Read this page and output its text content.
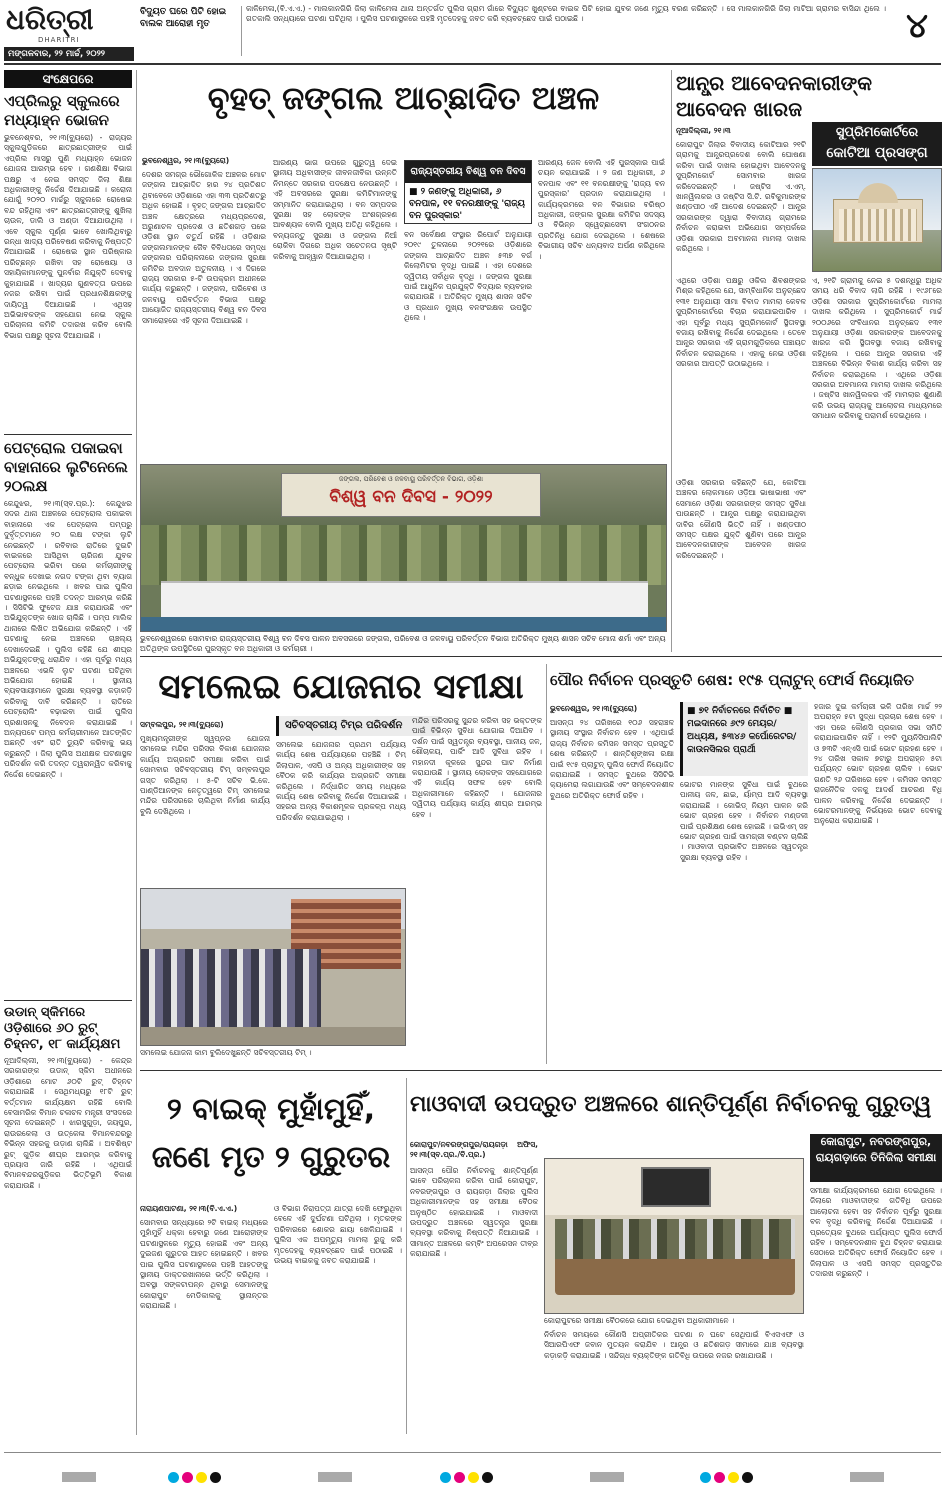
ଧରିତ୍ରୀ
DHARITRI
ମଙ୍ଗଳବାର, ୨୨ ମାର୍ଚ୍ଚ, ୨୦୨୨
ବିଦ୍ୟୁତ ଘରେ ପିଟି ହୋଇ ବାଲକ ଆରୋହୀ ମୃତ
କାଳିମେଳା,(ବି.ଏ.ଏ.) - ମାଲକାନଗିରି ଜିଲା କାଳିମେଳା ଥାନା ଅନ୍ତର୍ଗତ ପୁଲିସ ଗ୍ରାମ ଗାଁରେ ବିଦ୍ୟୁତ ଖୁଣ୍ଟରେ ବାଇକ ପିଟି ହୋଇ ଯୁବକ ଜଣେ ମୃତ୍ୟୁ ବରଣ କରିଛନ୍ତି । ସେ ମାଲକାନଗିରି ଜିଲା ମାଟିଆ ଗ୍ରାମର ବାସିନ୍ଦା ଥିଲେ । ଗତକାଲି ସନ୍ଧ୍ୟାରେ ଘଟଣା ଘଟିଥିଲା । ପୁଲିସ ଘଟଣାସ୍ଥଳରେ ପହଞ୍ଚି ମୃତଦେହକୁ ଜବତ କରି ବ୍ୟବଚ୍ଛେଦ ପାଇଁ ପଠାଇଛି ।	୪
ସଂକ୍ଷେପରେ
ଏପ୍ରିଲରୁ ସ୍କୁଲରେ ମଧ୍ୟାହ୍ନ ଭୋଜନ
ଭୁବନେଶ୍ବର, ୨୧।୩(ବ୍ୟୁରୋ) - ରାଜ୍ୟର ସ୍କୁଲଗୁଡ଼ିକରେ ଛାତ୍ରଛାତ୍ରୀଙ୍କ ପାଇଁ ଏପ୍ରିଲ ମାସରୁ ପୁଣି ମଧ୍ୟାହ୍ନ ଭୋଜନ ଯୋଜନା ଆରମ୍ଭ ହେବ । ଗଣଶିକ୍ଷା ବିଭାଗ ପକ୍ଷରୁ ଏ ନେଇ ସମସ୍ତ ଜିଲା ଶିକ୍ଷା ଅଧିକାରୀଙ୍କୁ ନିର୍ଦ୍ଦେଶ ଦିଆଯାଇଛି । କରୋନା ଯୋଗୁଁ ୨୦୨୦ ମାର୍ଚ୍ଚରୁ ସ୍କୁଲରେ ରୋଷେଇ ବନ୍ଦ ରହିଥିଲା ଏବଂ ଛାତ୍ରଛାତ୍ରୀଙ୍କୁ ଶୁଖିଲା ଚାଉଳ, ଡାଲି ଓ ଅଣ୍ଡା ଦିଆଯାଉଥିଲା । ଏବେ ସ୍କୁଲ ପୂର୍ଣ୍ଣ ଭାବେ ଖୋଲିଥିବାରୁ ରନ୍ଧା ଖାଦ୍ୟ ପରିବେଷଣ କରିବାକୁ ନିଷ୍ପତ୍ତି ନିଆଯାଇଛି । ରୋଷେଇ ସ୍ଥାନ ପରିଷ୍କାର ପରିଚ୍ଛନ୍ନ ରଖିବା ସହ ରୋଷେୟା ଓ ସହାୟିକାମାନଙ୍କୁ ପୁନର୍ବାର ନିଯୁକ୍ତି ଦେବାକୁ କୁହାଯାଇଛି । ଖାଦ୍ୟର ଗୁଣବତ୍ତା ଉପରେ ନଜର ରଖିବା ପାଇଁ ପ୍ରଧାନଶିକ୍ଷକଙ୍କୁ ଦାୟିତ୍ୱ ଦିଆଯାଇଛି । ଏଥିସହ ଅଭିଭାବକଙ୍କ ସହଯୋଗ ନେଇ ସ୍କୁଲ ପରିଚାଳନା କମିଟି ତଦାରଖ କରିବ ବୋଲି ବିଭାଗ ପକ୍ଷରୁ ସୂଚନା ଦିଆଯାଇଛି ।
ପେଟ୍ରୋଲ ପକାଇବା ବାହାନାରେ ଲୁଟିନେଲେ ୨୦ଲକ୍ଷ
କେନ୍ଦୁଝର, ୨୧।୩(ସ୍ବ.ପ୍ର.): କେନ୍ଦୁଝର ସଦର ଥାନା ଅଞ୍ଚଳରେ ପେଟ୍ରୋଲ ପକାଇବା ବାହାନାରେ ଏକ ପେଟ୍ରୋଲ ପମ୍ପରୁ ଦୁର୍ବୃତ୍ତମାନେ ୨୦ ଲକ୍ଷ ଟଙ୍କା ଲୁଟି ନେଇଛନ୍ତି । ରବିବାର ରାତିରେ ଦୁଇଟି ବାଇକରେ ଆସିଥିବା ଚାରିଜଣ ଯୁବକ ପେଟ୍ରୋଲ ଭରିବା ପରେ କର୍ମଚାରୀଙ୍କୁ ବନ୍ଧୁକ ଦେଖାଇ ନଗଦ ଟଙ୍କା ଥିବା ବ୍ୟାଗ ଛଡ଼ାଇ ନେଇଥିଲେ । ଖବର ପାଇ ପୁଲିସ ଘଟଣାସ୍ଥଳରେ ପହଞ୍ଚି ତଦନ୍ତ ଆରମ୍ଭ କରିଛି । ସିସିଟିଭି ଫୁଟେଜ ଯାଞ୍ଚ କରାଯାଉଛି ଏବଂ ଅଭିଯୁକ୍ତଙ୍କ ଖୋଜ ଚାଲିଛି । ପମ୍ପ ମାଲିକ ଥାନାରେ ଲିଖିତ ଅଭିଯୋଗ କରିଛନ୍ତି । ଏହି ଘଟଣାକୁ ନେଇ ଅଞ୍ଚଳରେ ଚାଞ୍ଚଲ୍ୟ ଦେଖାଦେଇଛି । ପୁଲିସ କହିଛି ଯେ ଶୀଘ୍ର ଅଭିଯୁକ୍ତଙ୍କୁ ଧରାଯିବ । ଏହା ପୂର୍ବରୁ ମଧ୍ୟ ଅଞ୍ଚଳରେ ଏଭଳି ଲୁଟ ଘଟଣା ଘଟିଥିବା ଅଭିଯୋଗ ହୋଇଛି । ସ୍ଥାନୀୟ ବ୍ୟବସାୟୀମାନେ ସୁରକ୍ଷା ବ୍ୟବସ୍ଥା କଡ଼ାକଡ଼ି କରିବାକୁ ଦାବି କରିଛନ୍ତି । ରାତିରେ ପେଟ୍ରୋଲିଂ ବଢ଼ାଇବା ପାଇଁ ପୁଲିସ ପ୍ରଶାସନକୁ ନିବେଦନ କରାଯାଇଛି । ଅନ୍ୟପଟେ ପମ୍ପ କର୍ମଚାରୀମାନେ ଆତଙ୍କିତ ଅଛନ୍ତି ଏବଂ ରାତି ଡ୍ୟୁଟି କରିବାକୁ ଭୟ କରୁଛନ୍ତି । ଜିଲା ପୁଲିସ ଅଧୀକ୍ଷକ ଘଟଣାସ୍ଥଳ ପରିଦର୍ଶନ କରି ତଦନ୍ତ ତ୍ୱରାନ୍ୱିତ କରିବାକୁ ନିର୍ଦ୍ଦେଶ ଦେଇଛନ୍ତି ।
ଉଡାନ୍ ସ୍କିମରେ ଓଡ଼ିଶାରେ ୬୦ ରୁଟ୍ ଚିହ୍ନଟ, ୧୮ କାର୍ଯ୍ୟକ୍ଷମ
ନୂଆଦିଲ୍ଲୀ, ୨୧।୩(ବ୍ୟୁରୋ) - କେନ୍ଦ୍ର ସରକାରଙ୍କ ଉଡାନ୍ ସ୍କିମ ଅଧୀନରେ ଓଡ଼ିଶାରେ ମୋଟ ୬୦ଟି ରୁଟ୍ ଚିହ୍ନଟ କରାଯାଇଛି । ସେଥିମଧ୍ୟରୁ ୧୮ଟି ରୁଟ୍ ବର୍ତ୍ତମାନ କାର୍ଯ୍ୟକ୍ଷମ ରହିଛି ବୋଲି ବେସାମରିକ ବିମାନ ଚଳାଚଳ ମନ୍ତ୍ରୀ ସଂସଦରେ ସୂଚନା ଦେଇଛନ୍ତି । ଝାରସୁଗୁଡ଼ା, ଜୟପୁର, ରାଉରକେଲା ଓ ଉତ୍କେଳା ବିମାନବନ୍ଦରରୁ ବିଭିନ୍ନ ସହରକୁ ଉଡ଼ାଣ ଚାଲିଛି । ଅବଶିଷ୍ଟ ରୁଟ୍ ଗୁଡ଼ିକ ଶୀଘ୍ର ଆରମ୍ଭ କରିବାକୁ ପ୍ରୟାସ ଜାରି ରହିଛି । ଏଥିପାଇଁ ବିମାନବନ୍ଦରଗୁଡ଼ିକର ଭିତ୍ତିଭୂମି ବିକାଶ କରାଯାଉଛି ।
ବୃହତ୍ ଜଙ୍ଗଲ ଆଚ୍ଛାଦିତ ଅଞ୍ଚଳ
ଭୁବନେଶ୍ୱର, ୨୧।୩(ବ୍ୟୁରୋ)
ଦେଶର ସମଗ୍ର ଭୌଗୋଳିକ ଅଞ୍ଚଳର ମୋଟ ଜଙ୍ଗଲ ଆଚ୍ଛାଦିତ ହାର ୨୪ ପ୍ରତିଶତ ଥିବାବେଳେ ଓଡ଼ିଶାରେ ଏହା ୩୩ ପ୍ରତିଶତରୁ ଅଧିକ ହୋଇଛି । ବୃହତ୍ ଜଙ୍ଗଲ ଆଚ୍ଛାଦିତ ଅଞ୍ଚଳ କ୍ଷେତ୍ରରେ ମଧ୍ୟପ୍ରଦେଶ, ଅରୁଣାଚଳ ପ୍ରଦେଶ ଓ ଛତିଶଗଡ଼ ପରେ ଓଡ଼ିଶା ସ୍ଥାନ ଚତୁର୍ଥ ରହିଛି । ଓଡ଼ିଶାର ଜଙ୍ଗଲମାନଙ୍କ ଜୈବ ବିବିଧତାରେ ସମୃଦ୍ଧ ଜଙ୍ଗଲର ପରିଚାଳନାରେ ଜଙ୍ଗଲ ସୁରକ୍ଷା କମିଟିର ଅବଦାନ ଅତୁଳନୀୟ । ଏ ଦିଗରେ ରାଜ୍ୟ ସରକାର ୫-ଟି ଉପକ୍ରମ ଅଧୀନରେ କାର୍ଯ୍ୟ କରୁଛନ୍ତି । ଜଙ୍ଗଲ, ପରିବେଶ ଓ ଜଳବାୟୁ ପରିବର୍ତ୍ତନ ବିଭାଗ ପକ୍ଷରୁ ଆୟୋଜିତ ରାଜ୍ୟସ୍ତରୀୟ ବିଶ୍ୱ ବନ ଦିବସ ସମାରୋହରେ ଏହି ସୂଚନା ଦିଆଯାଇଛି ।
ଆରଣ୍ୟ ଭାଗ ଉପରେ ଗୁରୁତ୍ୱ ଦେଇ ସ୍ଥାନୀୟ ଅଧିବାସୀଙ୍କ ଜୀବନଜୀବିକା ଉନ୍ନତି ନିମନ୍ତେ ସରକାର ପଦକ୍ଷେପ ନେଉଛନ୍ତି । ଏହି ଅବସରରେ ସୁରକ୍ଷା କମିଟିମାନଙ୍କୁ ସମ୍ମାନିତ କରାଯାଇଥିଲା । ବନ ସମ୍ପଦର ସୁରକ୍ଷା ସହ ଲୋକଙ୍କ ଅଂଶଗ୍ରହଣ ଆବଶ୍ୟକ ବୋଲି ମୁଖ୍ୟ ଅତିଥି କହିଥିଲେ । ବନ୍ୟଜନ୍ତୁ ସୁରକ୍ଷା ଓ ଜଙ୍ଗଲ ନିଆଁ ରୋକିବା ଦିଗରେ ଅଧିକ ସଚେତନତା ସୃଷ୍ଟି କରିବାକୁ ଆହ୍ୱାନ ଦିଆଯାଇଥିଲା ।
ରାଜ୍ୟସ୍ତରୀୟ ବିଶ୍ୱ ବନ ଦିବସ
■ ୨ ଜଣଙ୍କୁ ଅଧିକାରୀ, ୬ ବନପାଳ, ୧୧ ବନରକ୍ଷୀଙ୍କୁ 'ରାଜ୍ୟ ବନ ପୁରସ୍କାର'
ବନ ସର୍ବେକ୍ଷଣ ସଂସ୍ଥାର ରିପୋର୍ଟ ଅନୁଯାୟୀ ୨୦୧୯ ତୁଳନାରେ ୨୦୨୧ରେ ଓଡ଼ିଶାରେ ଜଙ୍ଗଲ ଆଚ୍ଛାଦିତ ଅଞ୍ଚଳ ୫୩୭ ବର୍ଗ କିଲୋମିଟର ବୃଦ୍ଧି ପାଇଛି । ଏହା ଦେଶରେ ଦ୍ୱିତୀୟ ସର୍ବାଧିକ ବୃଦ୍ଧି । ଜଙ୍ଗଲ ସୁରକ୍ଷା ପାଇଁ ଆଧୁନିକ ପ୍ରଯୁକ୍ତି ବିଦ୍ୟାର ବ୍ୟବହାର କରାଯାଉଛି । ଅତିରିକ୍ତ ମୁଖ୍ୟ ଶାସନ ସଚିବ ଓ ପ୍ରଧାନ ମୁଖ୍ୟ ବନସଂରକ୍ଷକ ଉପସ୍ଥିତ ଥିଲେ ।
ଆରଣ୍ୟ ଜେଳ ବୋଲି ଏହି ପୁରସ୍କାର ପାଇଁ ଚୟନ କରାଯାଇଛି । ୨ ଜଣ ଅଧିକାରୀ, ୬ ବନପାଳ ଏବଂ ୧୧ ବନରକ୍ଷୀଙ୍କୁ 'ରାଜ୍ୟ ବନ ପୁରସ୍କାର' ପ୍ରଦାନ କରାଯାଇଥିଲା । କାର୍ଯ୍ୟକ୍ରମରେ ବନ ବିଭାଗର ବରିଷ୍ଠ ଅଧିକାରୀ, ଜଙ୍ଗଲ ସୁରକ୍ଷା କମିଟିର ସଦସ୍ୟ ଓ ବିଭିନ୍ନ ସ୍ୱେଚ୍ଛାସେବୀ ସଂଗଠନର ପ୍ରତିନିଧି ଯୋଗ ଦେଇଥିଲେ । ଶେଷରେ ବିଭାଗୀୟ ସଚିବ ଧନ୍ୟବାଦ ଅର୍ପଣ କରିଥିଲେ ।
ଜଙ୍ଗଲ, ପରିବେଶ ଓ ଜଳବାୟୁ ପରିବର୍ତ୍ତନ ବିଭାଗ, ଓଡ଼ିଶା
ବିଶ୍ୱ ବନ ଦିବସ - ୨୦୨୨
ଭୁବନେଶ୍ୱରରେ ସୋମବାର ରାଜ୍ୟସ୍ତରୀୟ ବିଶ୍ୱ ବନ ଦିବସ ପାଳନ ଅବସରରେ ଜଙ୍ଗଲ, ପରିବେଶ ଓ ଜଳବାୟୁ ପରିବର୍ତ୍ତନ ବିଭାଗ ଅତିରିକ୍ତ ମୁଖ୍ୟ ଶାସନ ସଚିବ ମୋନା ଶର୍ମା ଏବଂ ଅନ୍ୟ ଅତିଥିଙ୍କ ଉପସ୍ଥିତିରେ ପୁରସ୍କୃତ ବନ ଅଧିକାରୀ ଓ କର୍ମଚାରୀ ।
ଆନ୍ଧ୍ର ଆବେଦନକାରୀଙ୍କ ଆବେଦନ ଖାରଜ
ନୂଆଦିଲ୍ଲୀ, ୨୧।୩
କୋରାପୁଟ ଜିଲାର ବିବାଦୀୟ କୋଟିଆର ୨୧ଟି ଗ୍ରାମକୁ ଆନ୍ଧ୍ରପ୍ରଦେଶ ବୋଲି ଘୋଷଣା କରିବା ପାଇଁ ଦାଖଲ ହୋଇଥିବା ଆବେଦନକୁ ସୁପ୍ରିମକୋର୍ଟ ସୋମବାର ଖାରଜ କରିଦେଇଛନ୍ତି । ଜଷ୍ଟିସ ଏ.ଏମ୍. ଖାନୱିଲକର ଓ ଜଷ୍ଟିସ ସି.ଟି. ରବିକୁମାରଙ୍କ ଖଣ୍ଡପୀଠ ଏହି ଆଦେଶ ଦେଇଛନ୍ତି । ଆନ୍ଧ୍ର ସରକାରଙ୍କ ଦ୍ୱାରା ବିବାଦୀୟ ଗ୍ରାମରେ ନିର୍ବାଚନ କରାଇବା ଅଭିଯୋଗ ସମ୍ପର୍କରେ ଓଡ଼ିଶା ସରକାର ଅବମାନନା ମାମଲା ଦାଖଲ କରିଥିଲେ ।
ସୁପ୍ରିମକୋର୍ଟରେ
କୋଟିଆ ପ୍ରସଙ୍ଗ
ଏଥିରେ ଓଡ଼ିଶା ପକ୍ଷରୁ ଓକିଲ ଶିବଶଙ୍କର ମିଶ୍ର କହିଥିଲେ ଯେ, ସାମ୍ବିଧାନିକ ଅନୁଚ୍ଛେଦ ୧୩୧ ଅନୁଯାୟୀ ସୀମା ବିବାଦ ମାମଲା କେବଳ ସୁପ୍ରିମକୋର୍ଟରେ ବିଚାର କରାଯାଇପାରିବ । ଏହା ପୂର୍ବରୁ ମଧ୍ୟ ସୁପ୍ରିମକୋର୍ଟ ସ୍ଥିତାବସ୍ଥା ବଜାୟ ରଖିବାକୁ ନିର୍ଦ୍ଦେଶ ଦେଇଥିଲେ । ତେବେ ଆନ୍ଧ୍ର ସରକାର ଏହି ଗ୍ରାମଗୁଡ଼ିକରେ ପଞ୍ଚାୟତ ନିର୍ବାଚନ କରାଇଥିଲେ । ଏହାକୁ ନେଇ ଓଡ଼ିଶା ସରକାର ଆପତ୍ତି ଉଠାଇଥିଲେ ।
ଓଡ଼ିଶା ସରକାର କହିଛନ୍ତି ଯେ, କୋଟିଆ ଅଞ୍ଚଳର ଲୋକମାନେ ଓଡ଼ିଆ ଭାଷାଭାଷୀ ଏବଂ ସେମାନେ ଓଡ଼ିଶା ସରକାରଙ୍କ ସମସ୍ତ ସୁବିଧା ପାଉଛନ୍ତି । ଆନ୍ଧ୍ର ପକ୍ଷରୁ କରାଯାଇଥିବା ଦାବିର କୌଣସି ଭିତ୍ତି ନାହିଁ । ଖଣ୍ଡପୀଠ ସମସ୍ତ ପକ୍ଷର ଯୁକ୍ତି ଶୁଣିବା ପରେ ଆନ୍ଧ୍ର ଆବେଦନକାରୀଙ୍କ ଆବେଦନ ଖାରଜ କରିଦେଇଛନ୍ତି ।
ଏ, ୨୧ଟି ଗ୍ରାମକୁ ନେଇ ୫ ଦଶନ୍ଧିରୁ ଅଧିକ ସମୟ ଧରି ବିବାଦ ଲାଗି ରହିଛି । ୧୯୬୮ରେ ଓଡ଼ିଶା ସରକାର ସୁପ୍ରିମକୋର୍ଟରେ ମାମଲା ଦାଖଲ କରିଥିଲେ । ସୁପ୍ରିମକୋର୍ଟ ମାର୍ଚ୍ଚ ୨୦୦୬ରେ ସଂବିଧାନର ଅନୁଚ୍ଛେଦ ୧୩୧ ଅନୁଯାୟୀ ଓଡ଼ିଶା ସରକାରଙ୍କ ଆବେଦନକୁ ଖାରଜ କରି ସ୍ଥିତାବସ୍ଥା ବଜାୟ ରଖିବାକୁ କହିଥିଲେ । ପରେ ଆନ୍ଧ୍ର ସରକାର ଏହି ଅଞ୍ଚଳରେ ବିଭିନ୍ନ ବିକାଶ କାର୍ଯ୍ୟ କରିବା ସହ ନିର୍ବାଚନ କରାଇଥିଲେ । ଏଥିରେ ଓଡ଼ିଶା ସରକାର ଅବମାନନା ମାମଲା ଦାଖଲ କରିଥିଲେ । ଜଷ୍ଟିସ ଖାନୱିଲକର ଏହି ମାମଲାର ଶୁଣାଣି କରି ଉଭୟ ରାଜ୍ୟକୁ ଆଲୋଚନା ମାଧ୍ୟମରେ ସମାଧାନ କରିବାକୁ ପରାମର୍ଶ ଦେଇଥିଲେ ।
ସମଲେଇ ଯୋଜନାର ସମୀକ୍ଷା
ସମ୍ବଲପୁର, ୨୧।୩(ବ୍ୟୁରୋ)	ସଚିବସ୍ତରୀୟ ଟିମ୍‌ର ପରିଦର୍ଶନ
ମୁଖ୍ୟମନ୍ତ୍ରୀଙ୍କ ସ୍ୱପ୍ନର ଯୋଜନା ସମଲେଇ ମନ୍ଦିର ପରିସର ବିକାଶ ଯୋଜନାର କାର୍ଯ୍ୟ ଅଗ୍ରଗତି ସମୀକ୍ଷା କରିବା ପାଇଁ ସୋମବାର ସଚିବସ୍ତରୀୟ ଟିମ୍ ସମ୍ବଲପୁର ଗସ୍ତ କରିଥିଲା । ୫-ଟି ସଚିବ ଭି.କେ. ପାଣ୍ଡିଆନଙ୍କ ନେତୃତ୍ୱରେ ଟିମ୍ ସମଲେଇ ମନ୍ଦିର ପରିସରରେ ଚାଲିଥିବା ନିର୍ମାଣ କାର୍ଯ୍ୟ ବୁଲି ଦେଖିଥିଲେ ।
ସମଲେଇ ଯୋଜନାର ପ୍ରଥମ ପର୍ଯ୍ୟାୟ କାର୍ଯ୍ୟ ଶେଷ ପର୍ଯ୍ୟାୟରେ ପହଞ୍ଚିଛି । ଟିମ୍ ଜିଲାପାଳ, ଏସପି ଓ ଅନ୍ୟ ଅଧିକାରୀଙ୍କ ସହ ବୈଠକ କରି କାର୍ଯ୍ୟର ଅଗ୍ରଗତି ସମୀକ୍ଷା କରିଥିଲେ । ନିର୍ଦ୍ଧାରିତ ସମୟ ମଧ୍ୟରେ କାର୍ଯ୍ୟ ଶେଷ କରିବାକୁ ନିର୍ଦ୍ଦେଶ ଦିଆଯାଇଛି । ସହରର ଅନ୍ୟ ବିକାଶମୂଳକ ପ୍ରକଳ୍ପ ମଧ୍ୟ ପରିଦର୍ଶନ କରାଯାଇଥିଲା ।
ମନ୍ଦିର ପରିସରକୁ ସୁନ୍ଦର କରିବା ସହ ଭକ୍ତଙ୍କ ପାଇଁ ବିଭିନ୍ନ ସୁବିଧା ଯୋଗାଇ ଦିଆଯିବ । ଦର୍ଶନ ପାଇଁ ସ୍ୱତନ୍ତ୍ର ବ୍ୟବସ୍ଥା, ପାନୀୟ ଜଳ, ଶୌଚାଳୟ, ପାର୍କିଂ ଆଦି ସୁବିଧା ରହିବ । ମହାନଦୀ କୂଳରେ ସୁନ୍ଦର ଘାଟ ନିର୍ମାଣ କରାଯାଉଛି । ସ୍ଥାନୀୟ ଲୋକଙ୍କ ସହଯୋଗରେ ଏହି କାର୍ଯ୍ୟ ସଫଳ ହେବ ବୋଲି ଅଧିକାରୀମାନେ କହିଛନ୍ତି । ଯୋଜନାର ଦ୍ୱିତୀୟ ପର୍ଯ୍ୟାୟ କାର୍ଯ୍ୟ ଶୀଘ୍ର ଆରମ୍ଭ ହେବ ।
ସମଲେଇ ଯୋଜନା କାମ ବୁଲିଦେଖୁଛନ୍ତି ସଚିବସ୍ତରୀୟ ଟିମ୍ ।
ପୌର ନିର୍ବାଚନ ପ୍ରସ୍ତୁତି ଶେଷ: ୧୯୫ ପ୍ଲାଟୁନ୍ ଫୋର୍ସ ନିୟୋଜିତ
ଭୁବନେଶ୍ୱର, ୨୧।୩(ବ୍ୟୁରୋ)
ଆସନ୍ତା ୨୪ ତାରିଖରେ ୧୦୬ ସହରାଞ୍ଚଳ ସ୍ଥାନୀୟ ସଂସ୍ଥାର ନିର୍ବାଚନ ହେବ । ଏଥିପାଇଁ ରାଜ୍ୟ ନିର୍ବାଚନ କମିସନ ସମସ୍ତ ପ୍ରସ୍ତୁତି ଶେଷ କରିଛନ୍ତି । ଶାନ୍ତିଶୃଙ୍ଖଳା ରକ୍ଷା ପାଇଁ ୧୯୫ ପ୍ଲାଟୁନ୍ ପୁଲିସ ଫୋର୍ସ ନିୟୋଜିତ କରାଯାଇଛି । ସମସ୍ତ ବୁଥରେ ସିସିଟିଭି କ୍ୟାମେରା ଲଗାଯାଉଛି ଏବଂ ସମ୍ବେଦନଶୀଳ ବୁଥରେ ଅତିରିକ୍ତ ଫୋର୍ସ ରହିବ ।
■ ୭୧ ନିର୍ବାଚନରେ ନିର୍ବାଚିତ ■ ମଇଦାନରେ ୬୯୨ ମେୟର/ଅଧ୍ୟକ୍ଷ, ୫୩୪୬ କର୍ପୋରେଟର/କାଉନସିଲର ପ୍ରାର୍ଥୀ
ଭୋଟର ମାନଙ୍କ ସୁବିଧା ପାଇଁ ବୁଥରେ ପାନୀୟ ଜଳ, ଛାଇ, ର୍ୟାମ୍ପ ଆଦି ବ୍ୟବସ୍ଥା କରାଯାଇଛି । କୋଭିଡ୍ ନିୟମ ପାଳନ କରି ଭୋଟ ଗ୍ରହଣ ହେବ । ନିର୍ବାଚନ ମଣ୍ଡଳୀ ପାଇଁ ପ୍ରଶିକ୍ଷଣ ଶେଷ ହୋଇଛି । ଇଭିଏମ୍ ସହ ଭୋଟ ଗ୍ରହଣ ପାଇଁ ସାମଗ୍ରୀ ବଣ୍ଟନ ଚାଲିଛି । ମାଓବାଦୀ ପ୍ରଭାବିତ ଅଞ୍ଚଳରେ ସ୍ୱତନ୍ତ୍ର ସୁରକ୍ଷା ବ୍ୟବସ୍ଥା ରହିବ ।
ହଜାର ଦୁଇ କର୍ମଚାରୀ ଭଳି ତାରିଖ ମାର୍ଚ୍ଚ ୨୨ ଅପରାହ୍ନ ୫ଟା ସୁଦ୍ଧା ପ୍ରଚାର ଶେଷ ହେବ । ଏହା ପରେ କୌଣସି ପ୍ରକାର ସଭା ସମିତି କରାଯାଇପାରିବ ନାହିଁ । ୧୨ଟି ମ୍ୟୁନିସିପାଲିଟି ଓ ୭୩ଟି ଏନ୍‌ଏସି ପାଇଁ ଭୋଟ ଗ୍ରହଣ ହେବ । ୨୪ ତାରିଖ ସକାଳ ୭ଟାରୁ ଅପରାହ୍ନ ୫ଟା ପର୍ଯ୍ୟନ୍ତ ଭୋଟ ଗ୍ରହଣ ଚାଲିବ । ଭୋଟ ଗଣତି ୨୬ ତାରିଖରେ ହେବ । କମିସନ ସମସ୍ତ ରାଜନୈତିକ ଦଳକୁ ଆଦର୍ଶ ଆଚରଣ ବିଧି ପାଳନ କରିବାକୁ ନିର୍ଦ୍ଦେଶ ଦେଇଛନ୍ତି । ଭୋଟରମାନଙ୍କୁ ନିର୍ଭୟରେ ଭୋଟ ଦେବାକୁ ଅନୁରୋଧ କରାଯାଇଛି ।
୨ ବାଇକ୍ ମୁହାଁମୁହିଁ, ଜଣେ ମୃତ ୨ ଗୁରୁତର
ନାରାୟଣପାଟଣା, ୨୧।୩(ବି.ଏ.ଏ.)
ସୋମବାର ସନ୍ଧ୍ୟାରେ ୨ଟି ବାଇକ୍ ମଧ୍ୟରେ ମୁହାଁମୁହିଁ ଧକ୍କା ହେବାରୁ ଜଣେ ଆରୋହୀଙ୍କ ଘଟଣାସ୍ଥଳରେ ମୃତ୍ୟୁ ହୋଇଛି ଏବଂ ଅନ୍ୟ ଦୁଇଜଣ ଗୁରୁତର ଆହତ ହୋଇଛନ୍ତି । ଖବର ପାଇ ପୁଲିସ ଘଟଣାସ୍ଥଳରେ ପହଞ୍ଚି ଆହତଙ୍କୁ ସ୍ଥାନୀୟ ଡାକ୍ତରଖାନାରେ ଭର୍ତ୍ତି କରିଥିଲା । ଅବସ୍ଥା ସଙ୍କଟାପନ୍ନ ଥିବାରୁ ସେମାନଙ୍କୁ କୋରାପୁଟ ମେଡିକାଲକୁ ସ୍ଥାନାନ୍ତର କରାଯାଇଛି ।
ଓ ବିଭାଗ ନିରାପତ୍ତା ଯାତ୍ରା ଦେଖି ଫେରୁଥିବା ବେଳେ ଏହି ଦୁର୍ଘଟଣା ଘଟିଥିଲା । ମୃତକଙ୍କ ପରିବାରରେ ଶୋକର ଛାୟା ଖେଳିଯାଇଛି । ପୁଲିସ ଏକ ଅପମୃତ୍ୟୁ ମାମଲା ରୁଜୁ କରି ମୃତଦେହକୁ ବ୍ୟବଚ୍ଛେଦ ପାଇଁ ପଠାଇଛି । ଉଭୟ ବାଇକକୁ ଜବତ କରାଯାଇଛି ।
ମାଓବାଦୀ ଉପଦ୍ରୁତ ଅଞ୍ଚଳରେ ଶାନ୍ତିପୂର୍ଣ୍ଣ ନିର୍ବାଚନକୁ ଗୁରୁତ୍ୱ
କୋରାପୁଟ/ନବରଙ୍ଗପୁର/ରାୟଗଡ଼ା ଅଫିସ, ୨୧।୩(ସ୍ବ.ପ୍ର./ବି.ପ୍ର.)
ଆସନ୍ତା ପୌର ନିର୍ବାଚନକୁ ଶାନ୍ତିପୂର୍ଣ୍ଣ ଭାବେ ପରିଚାଳନା କରିବା ପାଇଁ କୋରାପୁଟ, ନବରଙ୍ଗପୁର ଓ ରାୟଗଡ଼ା ଜିଲାର ପୁଲିସ ଅଧିକାରୀମାନଙ୍କ ସହ ସମୀକ୍ଷା ବୈଠକ ଅନୁଷ୍ଠିତ ହୋଇଯାଇଛି । ମାଓବାଦୀ ଉପଦ୍ରୁତ ଅଞ୍ଚଳରେ ସ୍ୱତନ୍ତ୍ର ସୁରକ୍ଷା ବ୍ୟବସ୍ଥା କରିବାକୁ ନିଷ୍ପତ୍ତି ନିଆଯାଇଛି । ସୀମାନ୍ତ ଅଞ୍ଚଳରେ କମ୍ବିଂ ଅପରେସନ ତୀବ୍ର କରାଯାଇଛି ।
ନିର୍ବାଚନ ସମୟରେ କୌଣସି ଅପ୍ରୀତିକର ଘଟଣା ନ ଘଟେ ସେଥିପାଇଁ ବିଏସଏଫ ଓ ସିଆରପିଏଫ ଜବାନ ମୁତୟନ କରାଯିବ । ଆନ୍ଧ୍ର ଓ ଛତିଶଗଡ଼ ସୀମାରେ ଯାଞ୍ଚ ବ୍ୟବସ୍ଥା କଡ଼ାକଡ଼ି କରାଯାଇଛି । ସନ୍ଦିଗ୍ଧ ବ୍ୟକ୍ତିଙ୍କ ଗତିବିଧି ଉପରେ ନଜର ରଖାଯାଉଛି ।
କୋରାପୁଟରେ ସମୀକ୍ଷା ବୈଠକରେ ଯୋଗ ଦେଇଥିବା ଅଧିକାରୀମାନେ ।
କୋରାପୁଟ, ନବରଙ୍ଗପୁର, ରାୟଗଡ଼ାରେ ତିନିଜିଲା ସମୀକ୍ଷା
ସମୀକ୍ଷା କାର୍ଯ୍ୟକ୍ରମରେ ଯୋଗ ଦେଇଥିଲେ । ଜିଲାରେ ମାଓବାଦୀଙ୍କ ଗତିବିଧି ଉପରେ ଆଲୋଚନା ହେବା ସହ ନିର୍ବାଚନ ପୂର୍ବରୁ ସୁରକ୍ଷା ବଳ ବୃଦ୍ଧି କରିବାକୁ ନିର୍ଦ୍ଦେଶ ଦିଆଯାଇଛି । ପ୍ରତ୍ୟେକ ବୁଥରେ ପର୍ଯ୍ୟାପ୍ତ ପୁଲିସ ଫୋର୍ସ ରହିବ । ସମ୍ବେଦନଶୀଳ ବୁଥ ଚିହ୍ନଟ କରାଯାଇ ସେଠାରେ ଅତିରିକ୍ତ ଫୋର୍ସ ନିୟୋଜିତ ହେବ । ଜିଲାପାଳ ଓ ଏସପି ସମସ୍ତ ପ୍ରସ୍ତୁତିର ତଦାରଖ କରୁଛନ୍ତି ।
